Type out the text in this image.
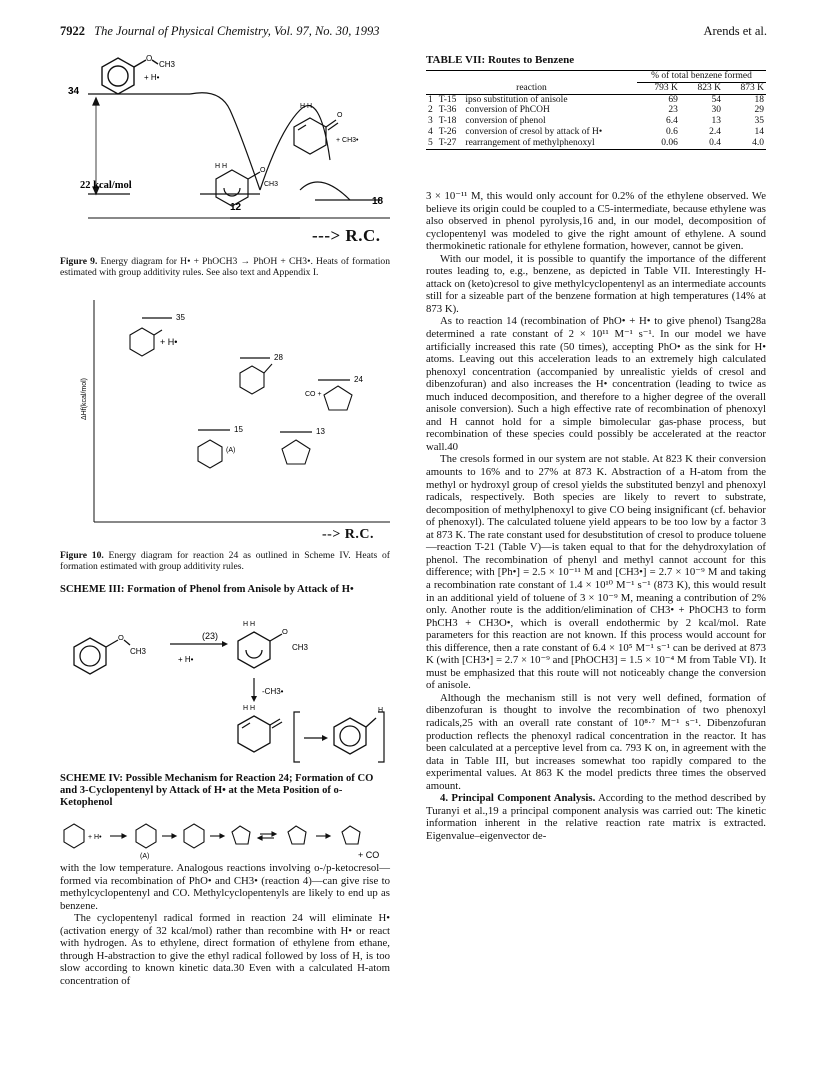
7922 The Journal of Physical Chemistry, Vol. 97, No. 30, 1993	Arends et al.
O
CH3
+ H•
34
22 kcal/mol
18
12
H H
O
CH3
H H
O
+ CH3•
---> R.C.
Figure 9. Energy diagram for H• + PhOCH3 → PhOH + CH3•. Heats of formation estimated with group additivity rules. See also text and Appendix I.
ΔHf(kcal/mol)
35
28
24
15	13
+ H•
CO +
(A)
--> R.C.
Figure 10. Energy diagram for reaction 24 as outlined in Scheme IV. Heats of formation estimated with group additivity rules.
SCHEME III: Formation of Phenol from Anisole by Attack of H•
O
CH3
(23)
+ H•
H H
O
CH3
-CH3•
H H	H
SCHEME IV: Possible Mechanism for Reaction 24; Formation of CO and 3-Cyclopentenyl by Attack of H• at the Meta Position of o-Ketophenol
+ H•
(A)	+ CO

with the low temperature. Analogous reactions involving o-/p-ketocresol—formed via recombination of PhO• and CH3• (reaction 4)—can give rise to methylcyclopentenyl and CO. Methylcyclopentenyls are likely to end up as benzene.

The cyclopentenyl radical formed in reaction 24 will eliminate H• (activation energy of 32 kcal/mol) rather than recombine with H• or react with hydrogen. As to ethylene, direct formation of ethylene from ethane, through H-abstraction to give the ethyl radical followed by loss of H, is too slow according to known kinetic data.30 Even with a calculated H-atom concentration of

TABLE VII: Routes to Benzene
			% of total benzene formed		
reaction			793 K	823 K	873 K
1	T-15	ipso substitution of anisole	69	54	18
2	T-36	conversion of PhCOH	23	30	29
3	T-18	conversion of phenol	6.4	13	35
4	T-26	conversion of cresol by attack of H•	0.6	2.4	14
5	T-27	rearrangement of methylphenoxyl	0.06	0.4	4.0

3 × 10⁻¹¹ M, this would only account for 0.2% of the ethylene observed. We believe its origin could be coupled to a C5-intermediate, because ethylene was also observed in phenol pyrolysis,16 and, in our model, decomposition of cyclopentenyl was modeled to give the right amount of ethylene. A sound thermokinetic rationale for ethylene formation, however, cannot be given.

With our model, it is possible to quantify the importance of the different routes leading to, e.g., benzene, as depicted in Table VII. Interestingly H-attack on (keto)cresol to give methylcyclopentenyl as an intermediate accounts still for a sizeable part of the benzene formation at high temperatures (14% at 873 K).

As to reaction 14 (recombination of PhO• + H• to give phenol) Tsang28a determined a rate constant of 2 × 10¹¹ M⁻¹ s⁻¹. In our model we have artificially increased this rate (50 times), accepting PhO• as the sink for H• atoms. Leaving out this acceleration leads to an extremely high calculated phenoxyl concentration (accompanied by unrealistic yields of cresol and dibenzofuran) and also increases the H• concentration (leading to twice as much induced decomposition, and therefore to a higher degree of the overall anisole conversion). Such a high effective rate of recombination of phenoxyl and H cannot hold for a simple bimolecular gas-phase process, but recombination of these species could possibly be accelerated at the reactor wall.40

The cresols formed in our system are not stable. At 823 K their conversion amounts to 16% and to 27% at 873 K. Abstraction of a H-atom from the methyl or hydroxyl group of cresol yields the substituted benzyl and phenoxyl radicals, respectively. Both species are likely to revert to substrate, decomposition of methylphenoxyl to give CO being insignificant (cf. behavior of phenoxyl). The calculated toluene yield appears to be too low by a factor 3 at 873 K. The rate constant used for desubstitution of cresol to produce toluene—reaction T-21 (Table V)—is taken equal to that for the dehydroxylation of phenol. The recombination of phenyl and methyl cannot account for this difference; with [Ph•] = 2.5 × 10⁻¹¹ M and [CH3•] = 2.7 × 10⁻⁹ M and taking a recombination rate constant of 1.4 × 10¹⁰ M⁻¹ s⁻¹ (873 K), this would result in an additional yield of toluene of 3 × 10⁻⁹ M, meaning a contribution of 2% only. Another route is the addition/elimination of CH3• + PhOCH3 to form PhCH3 + CH3O•, which is overall endothermic by 2 kcal/mol. Rate parameters for this reaction are not known. If this process would account for this difference, then a rate constant of 6.4 × 10⁵ M⁻¹ s⁻¹ can be derived at 873 K (with [CH3•] = 2.7 × 10⁻⁹ and [PhOCH3] = 1.5 × 10⁻⁴ M from Table VI). It must be emphasized that this route will not noticeably change the conversion of anisole.

Although the mechanism still is not very well defined, formation of dibenzofuran is thought to involve the recombination of two phenoxyl radicals,25 with an overall rate constant of 10⁸·⁷ M⁻¹ s⁻¹. Dibenzofuran production reflects the phenoxyl radical concentration in the reactor. It has been calculated at a perceptive level from ca. 793 K on, in agreement with the data in Table III, but increases somewhat too rapidly compared to the experimental values. At 863 K the model predicts three times the observed amount.

4. Principal Component Analysis. According to the method described by Turanyi et al.,19 a principal component analysis was carried out: The kinetic information inherent in the relative reaction rate matrix is extracted. Eigenvalue–eigenvector de-
